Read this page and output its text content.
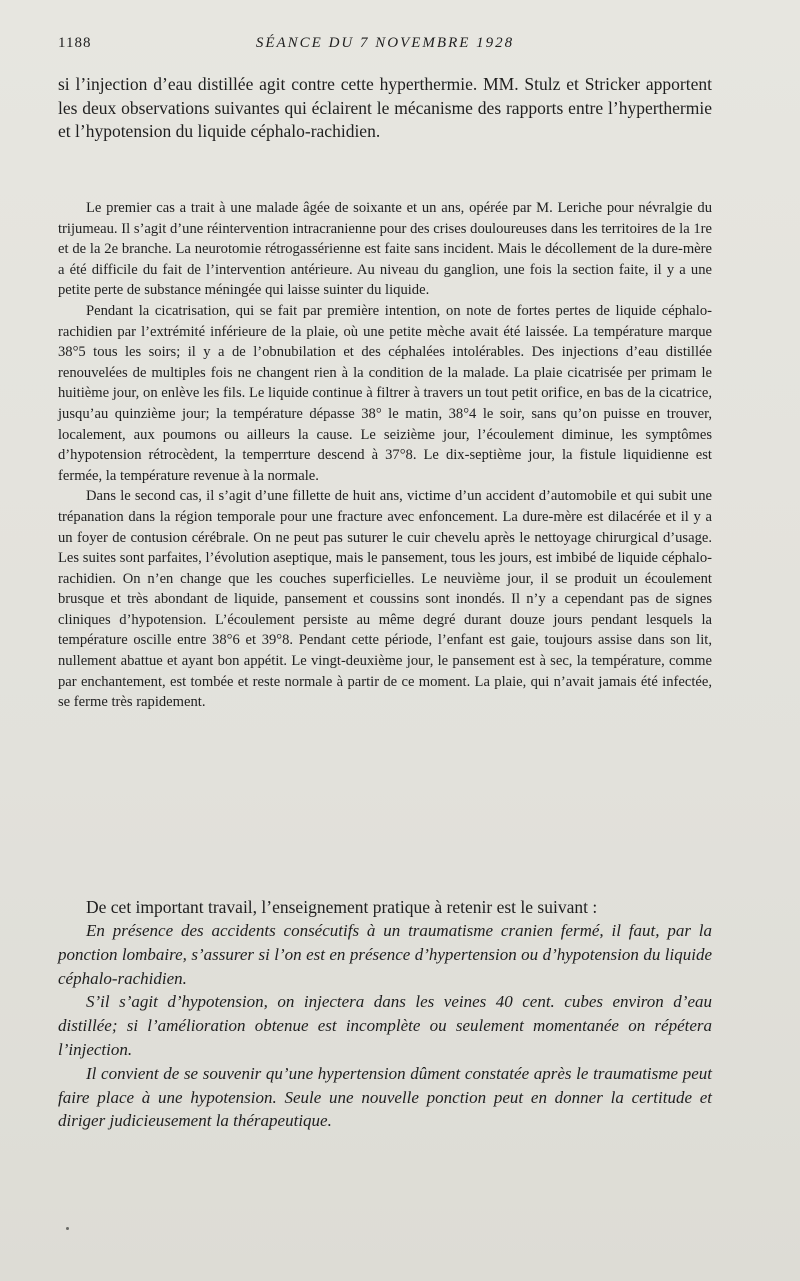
1188	SÉANCE DU 7 NOVEMBRE 1928

si l’injection d’eau distillée agit contre cette hyperthermie. MM. Stulz et Stricker apportent les deux observations suivantes qui éclairent le mécanisme des rapports entre l’hyperthermie et l’hypotension du liquide céphalo-rachidien.

Le premier cas a trait à une malade âgée de soixante et un ans, opérée par M. Leriche pour névralgie du trijumeau. Il s’agit d’une réintervention intracranienne pour des crises douloureuses dans les territoires de la 1re et de la 2e branche. La neurotomie rétrogassérienne est faite sans incident. Mais le décollement de la dure-mère a été difficile du fait de l’intervention antérieure. Au niveau du ganglion, une fois la section faite, il y a une petite perte de substance méningée qui laisse suinter du liquide.

Pendant la cicatrisation, qui se fait par première intention, on note de fortes pertes de liquide céphalo-rachidien par l’extrémité inférieure de la plaie, où une petite mèche avait été laissée. La température marque 38°5 tous les soirs; il y a de l’obnubilation et des céphalées intolérables. Des injections d’eau distillée renouvelées de multiples fois ne changent rien à la condition de la malade. La plaie cicatrisée per primam le huitième jour, on enlève les fils. Le liquide continue à filtrer à travers un tout petit orifice, en bas de la cicatrice, jusqu’au quinzième jour; la température dépasse 38° le matin, 38°4 le soir, sans qu’on puisse en trouver, localement, aux poumons ou ailleurs la cause. Le seizième jour, l’écoulement diminue, les symptômes d’hypotension rétrocèdent, la temperrture descend à 37°8. Le dix-septième jour, la fistule liquidienne est fermée, la température revenue à la normale.

Dans le second cas, il s’agit d’une fillette de huit ans, victime d’un accident d’automobile et qui subit une trépanation dans la région temporale pour une fracture avec enfoncement. La dure-mère est dilacérée et il y a un foyer de contusion cérébrale. On ne peut pas suturer le cuir chevelu après le nettoyage chirurgical d’usage. Les suites sont parfaites, l’évolution aseptique, mais le pansement, tous les jours, est imbibé de liquide céphalo-rachidien. On n’en change que les couches superficielles. Le neuvième jour, il se produit un écoulement brusque et très abondant de liquide, pansement et coussins sont inondés. Il n’y a cependant pas de signes cliniques d’hypotension. L’écoulement persiste au même degré durant douze jours pendant lesquels la température oscille entre 38°6 et 39°8. Pendant cette période, l’enfant est gaie, toujours assise dans son lit, nullement abattue et ayant bon appétit. Le vingt-deuxième jour, le pansement est à sec, la température, comme par enchantement, est tombée et reste normale à partir de ce moment. La plaie, qui n’avait jamais été infectée, se ferme très rapidement.

De cet important travail, l’enseignement pratique à retenir est le suivant :

En présence des accidents consécutifs à un traumatisme cranien fermé, il faut, par la ponction lombaire, s’assurer si l’on est en présence d’hypertension ou d’hypotension du liquide céphalo-rachidien.

S’il s’agit d’hypotension, on injectera dans les veines 40 cent. cubes environ d’eau distillée; si l’amélioration obtenue est incomplète ou seulement momentanée on répétera l’injection.

Il convient de se souvenir qu’une hypertension dûment constatée après le traumatisme peut faire place à une hypotension. Seule une nouvelle ponction peut en donner la certitude et diriger judicieusement la thérapeutique.
